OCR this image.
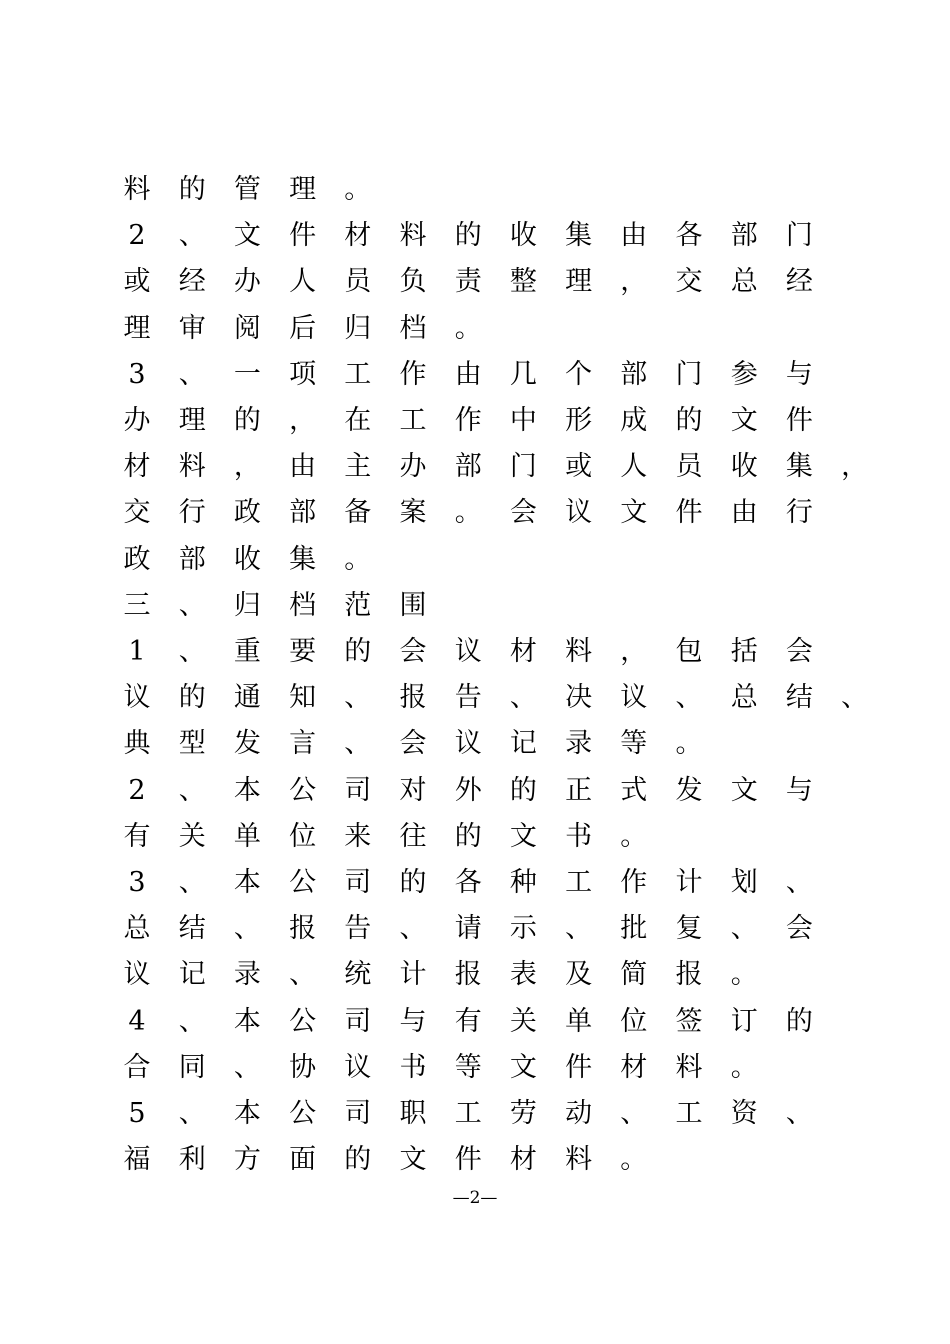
料 的 管 理 。
2	、 文 件 材 料 的 收 集 由 各 部 门
或 经 办 人 员 负 责 整 理 ， 交 总 经
理 审 阅 后 归 档 。
3	、 一 项 工 作 由 几 个 部 门 参 与
办 理 的 ， 在 工 作 中 形 成 的 文 件
材 料 ， 由 主 办 部 门 或 人 员 收 集 ，
交 行 政 部 备 案 。 会 议 文 件 由 行
政 部 收 集 。
三 、 归 档 范 围
1	、 重 要 的 会 议 材 料 ， 包 括 会
议 的 通 知 、 报 告 、 决 议 、 总 结 、
典 型 发 言 、 会 议 记 录 等 。
2	、 本 公 司 对 外 的 正 式 发 文 与
有 关 单 位 来 往 的 文 书 。
3	、 本 公 司 的 各 种 工 作 计 划 、
总 结 、 报 告 、 请 示 、 批 复 、 会
议 记 录 、 统 计 报 表 及 简 报 。
4	、 本 公 司 与 有 关 单 位 签 订 的
合 同 、 协 议 书 等 文 件 材 料 。
5	、 本 公 司 职 工 劳 动 、 工 资 、
福 利 方 面 的 文 件 材 料 。
—2—
